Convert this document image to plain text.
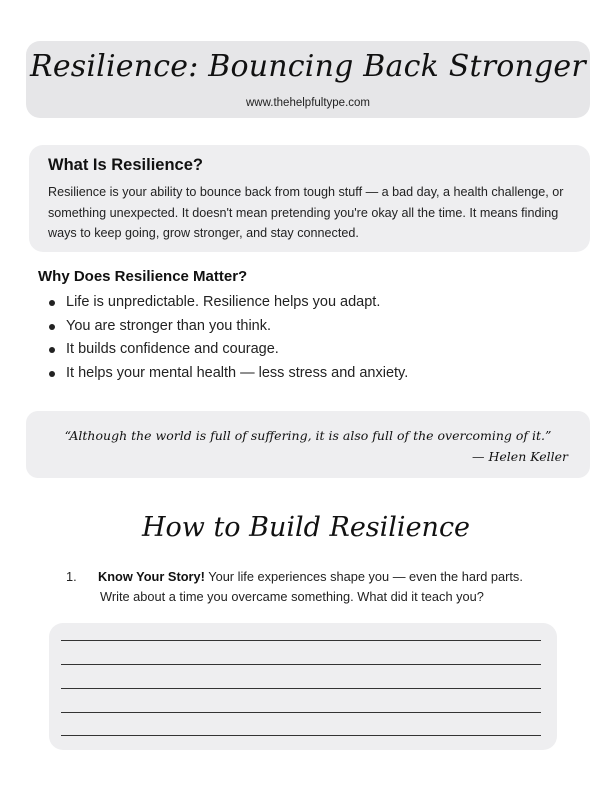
Resilience: Bouncing Back Stronger
www.thehelpfultype.com
What Is Resilience?
Resilience is your ability to bounce back from tough stuff — a bad day, a health challenge, or something unexpected. It doesn't mean pretending you're okay all the time. It means finding ways to keep going, grow stronger, and stay connected.
Why Does Resilience Matter?
Life is unpredictable. Resilience helps you adapt.
You are stronger than you think.
It builds confidence and courage.
It helps your mental health — less stress and anxiety.
“Although the world is full of suffering, it is also full of the overcoming of it.”
— Helen Keller
How to Build Resilience
1. Know Your Story! Your life experiences shape you — even the hard parts.
Write about a time you overcame something. What did it teach you?
